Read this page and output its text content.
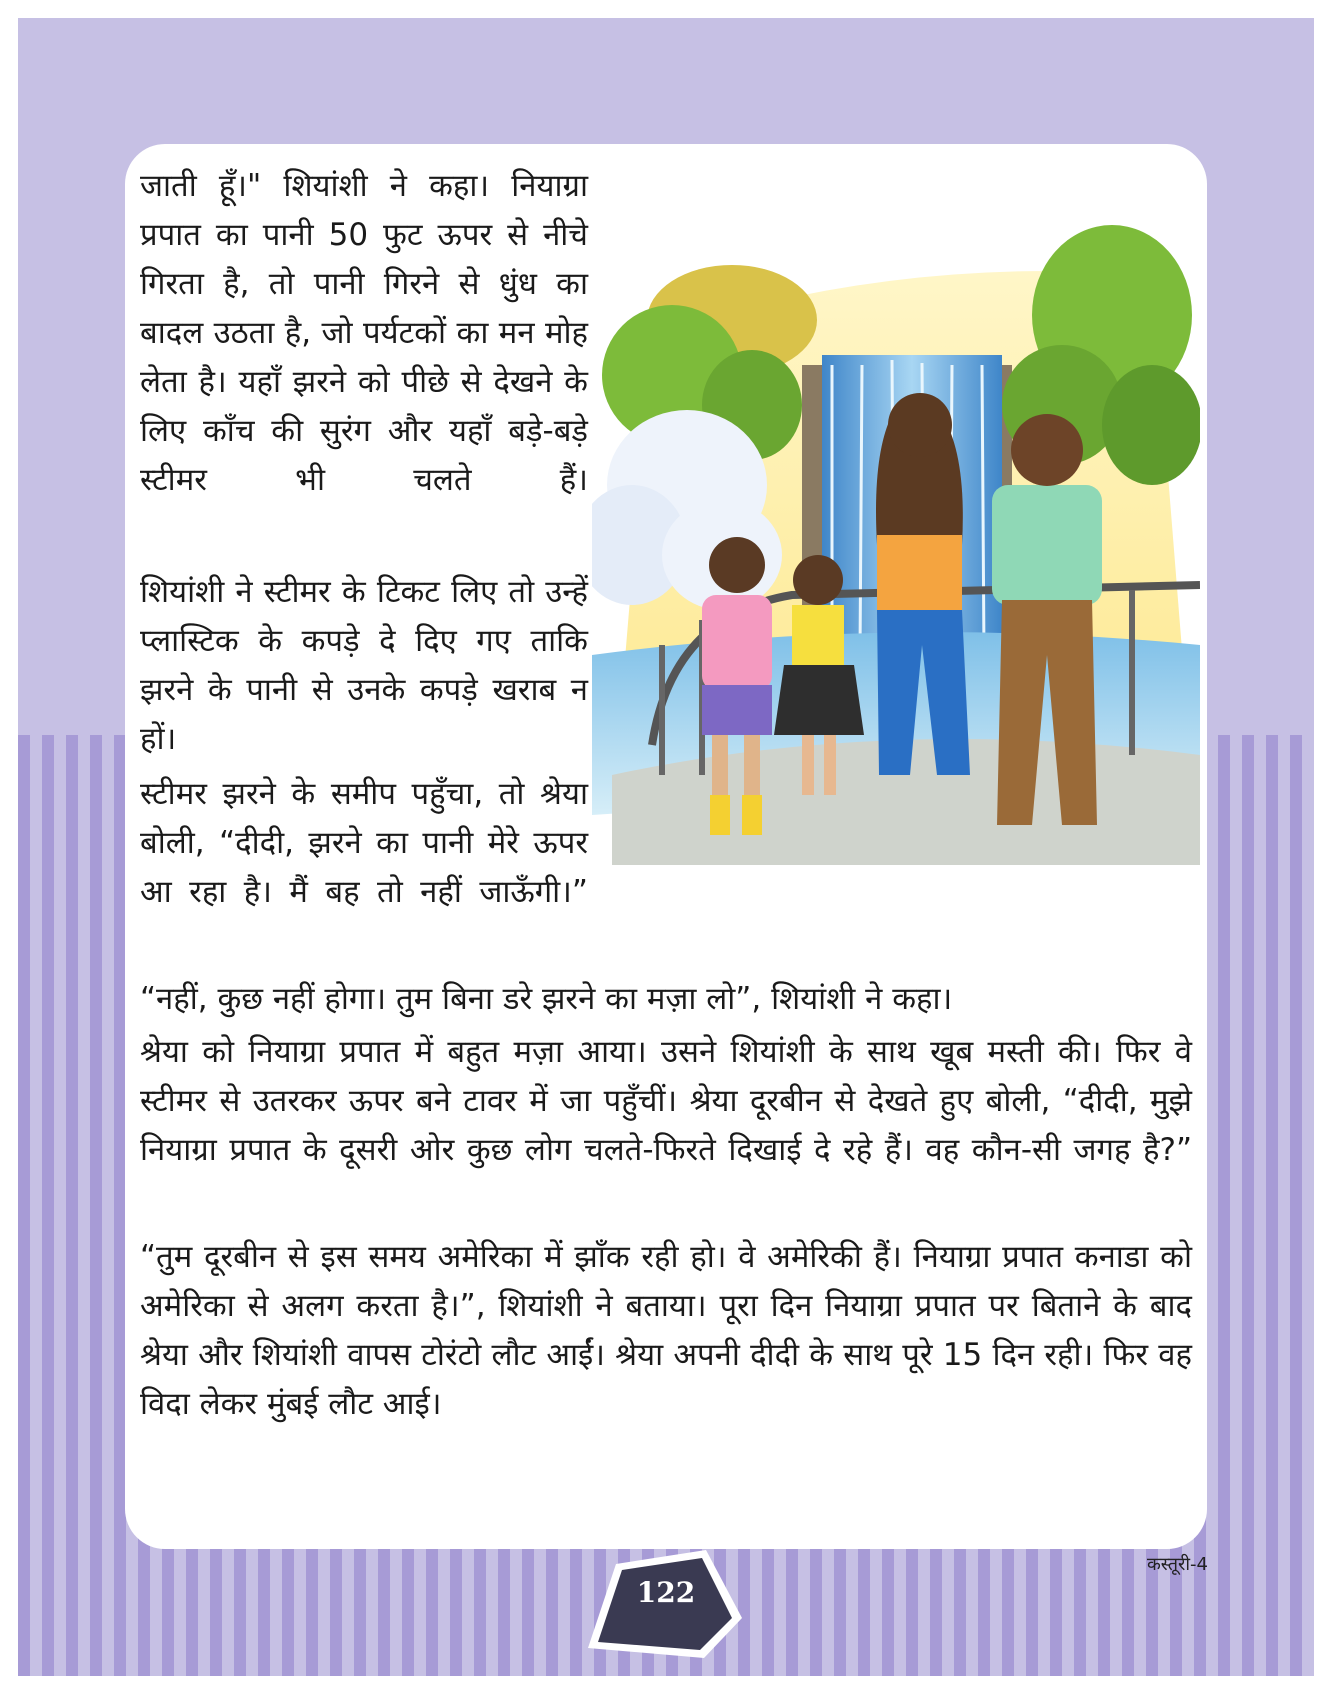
जाती हूँ।" शियांशी ने कहा। नियाग्रा प्रपात का पानी 50 फुट ऊपर से नीचे गिरता है, तो पानी गिरने से धुंध का बादल उठता है, जो पर्यटकों का मन मोह लेता है। यहाँ झरने को पीछे से देखने के लिए काँच की सुरंग और यहाँ बड़े-बड़े स्टीमर भी चलते हैं।

शियांशी ने स्टीमर के टिकट लिए तो उन्हें प्लास्टिक के कपड़े दे दिए गए ताकि झरने के पानी से उनके कपड़े खराब न हों।

स्टीमर झरने के समीप पहुँचा, तो श्रेया बोली, “दीदी, झरने का पानी मेरे ऊपर आ रहा है। मैं बह तो नहीं जाऊँगी।”

“नहीं, कुछ नहीं होगा। तुम बिना डरे झरने का मज़ा लो”, शियांशी ने कहा।

श्रेया को नियाग्रा प्रपात में बहुत मज़ा आया। उसने शियांशी के साथ खूब मस्ती की। फिर वे स्टीमर से उतरकर ऊपर बने टावर में जा पहुँचीं। श्रेया दूरबीन से देखते हुए बोली, “दीदी, मुझे नियाग्रा प्रपात के दूसरी ओर कुछ लोग चलते-फिरते दिखाई दे रहे हैं। वह कौन-सी जगह है?”

“तुम दूरबीन से इस समय अमेरिका में झाँक रही हो। वे अमेरिकी हैं। नियाग्रा प्रपात कनाडा को अमेरिका से अलग करता है।”, शियांशी ने बताया। पूरा दिन नियाग्रा प्रपात पर बिताने के बाद श्रेया और शियांशी वापस टोरंटो लौट आईं। श्रेया अपनी दीदी के साथ पूरे 15 दिन रही। फिर वह विदा लेकर मुंबई लौट आई।

कस्तूरी-4
122
